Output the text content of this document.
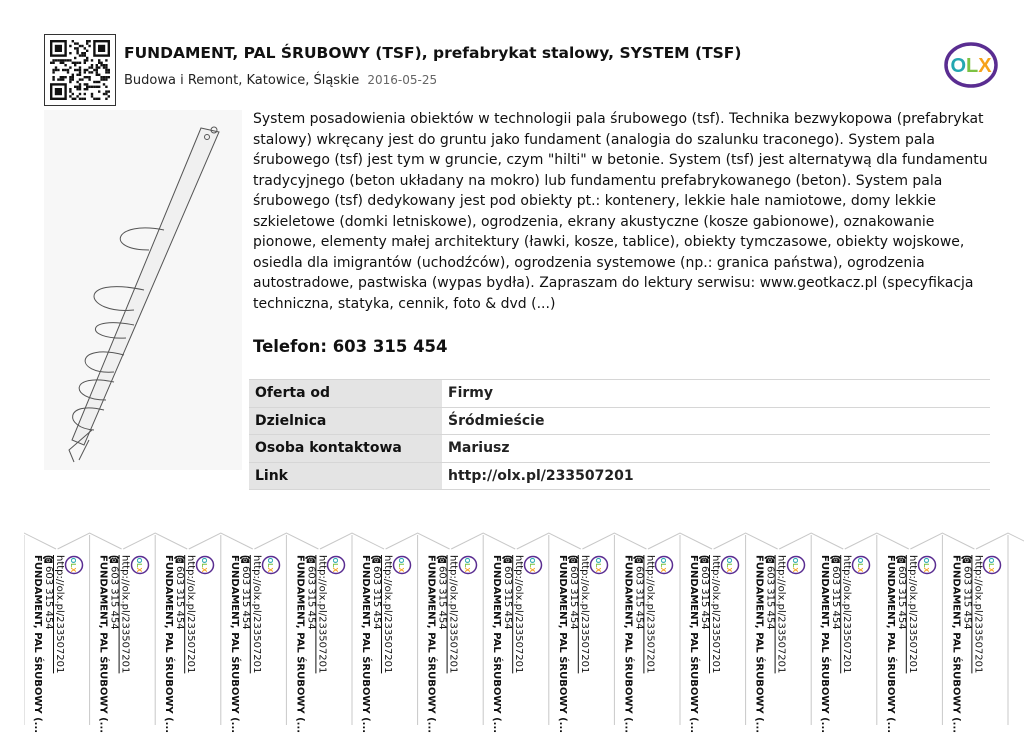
FUNDAMENT, PAL ŚRUBOWY (TSF), prefabrykat stalowy, SYSTEM (TSF)
Budowa i Remont, Katowice, Śląskie 2016-05-25
OLX
System posadowienia obiektów w technologii pala śrubowego (tsf). Technika bezwykopowa (prefabrykat stalowy) wkręcany jest do gruntu jako fundament (analogia do szalunku traconego). System pala śrubowego (tsf) jest tym w gruncie, czym "hilti" w betonie. System (tsf) jest alternatywą dla fundamentu tradycyjnego (beton układany na mokro) lub fundamentu prefabrykowanego (beton). System pala śrubowego (tsf) dedykowany jest pod obiekty pt.: kontenery, lekkie hale namiotowe, domy lekkie szkieletowe (domki letniskowe), ogrodzenia, ekrany akustyczne (kosze gabionowe), oznakowanie pionowe, elementy małej architektury (ławki, kosze, tablice), obiekty tymczasowe, obiekty wojskowe, osiedla dla imigrantów (uchodźców), ogrodzenia systemowe (np.: granica państwa), ogrodzenia autostradowe, pastwiska (wypas bydła). Zapraszam do lektury serwisu: www.geotkacz.pl (specyfikacja techniczna, statyka, cennik, foto & dvd (...)
Telefon: 603 315 454
Oferta od	Firmy
Dzielnica	Śródmieście
Osoba kontaktowa	Mariusz
Link	http://olx.pl/233507201
http://olx.pl/233507201
☎603 315 454
FUNDAMENT, PAL ŚRUBOWY (...	OLX	http://olx.pl/233507201
☎603 315 454
FUNDAMENT, PAL ŚRUBOWY (...	OLX	http://olx.pl/233507201
☎603 315 454
FUNDAMENT, PAL ŚRUBOWY (...	OLX	http://olx.pl/233507201
☎603 315 454
FUNDAMENT, PAL ŚRUBOWY (...	OLX	http://olx.pl/233507201
☎603 315 454
FUNDAMENT, PAL ŚRUBOWY (...	OLX	http://olx.pl/233507201
☎603 315 454
FUNDAMENT, PAL ŚRUBOWY (...	OLX	http://olx.pl/233507201
☎603 315 454
FUNDAMENT, PAL ŚRUBOWY (...	OLX	http://olx.pl/233507201
☎603 315 454
FUNDAMENT, PAL ŚRUBOWY (...	OLX	http://olx.pl/233507201
☎603 315 454
FUNDAMENT, PAL ŚRUBOWY (...	OLX	http://olx.pl/233507201
☎603 315 454
FUNDAMENT, PAL ŚRUBOWY (...	OLX	http://olx.pl/233507201
☎603 315 454
FUNDAMENT, PAL ŚRUBOWY (...	OLX	http://olx.pl/233507201
☎603 315 454
FUNDAMENT, PAL ŚRUBOWY (...	OLX	http://olx.pl/233507201
☎603 315 454
FUNDAMENT, PAL ŚRUBOWY (...	OLX	http://olx.pl/233507201
☎603 315 454
FUNDAMENT, PAL ŚRUBOWY (...	OLX	http://olx.pl/233507201
☎603 315 454
FUNDAMENT, PAL ŚRUBOWY (...	OLX
